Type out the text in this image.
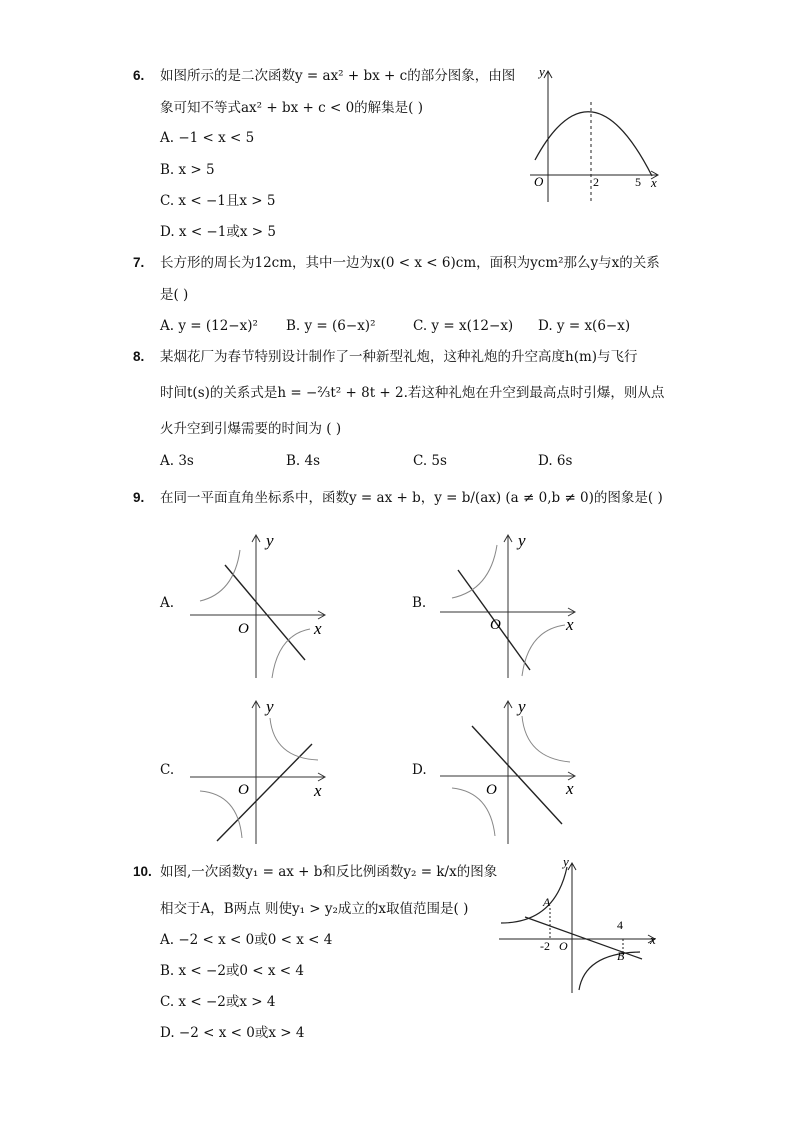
6. 如图所示的是二次函数y = ax² + bx + c的部分图象，由图
象可知不等式ax² + bx + c < 0的解集是( )
A. −1 < x < 5
B. x > 5
C. x < −1且x > 5
D. x < −1或x > 5
y
O	2	5 x
7. 长方形的周长为12cm，其中一边为x(0 < x < 6)cm，面积为ycm²那么y与x的关系
是( )
A. y = (12−x)² B. y = (6−x)²	C. y = x(12−x) D. y = x(6−x)
8. 某烟花厂为春节特别设计制作了一种新型礼炮，这种礼炮的升空高度h(m)与飞行
时间t(s)的关系式是h = −⅔t² + 8t + 2.若这种礼炮在升空到最高点时引爆，则从点
火升空到引爆需要的时间为 ( )
A. 3s	B. 4s	C. 5s	D. 6s
9. 在同一平面直角坐标系中，函数y = ax + b，y = b/(ax) (a ≠ 0,b ≠ 0)的图象是( )
A.
y
x
O
B.
y
x
O
C.
y
x
O
D.
y
x
O
10. 如图,一次函数y₁ = ax + b和反比例函数y₂ = k/x的图象
相交于A，B两点 则使y₁ > y₂成立的x取值范围是( )
A. −2 < x < 0或0 < x < 4
B. x < −2或0 < x < 4
C. x < −2或x > 4
D. −2 < x < 0或x > 4
y
A
4
-2 O	x
B
